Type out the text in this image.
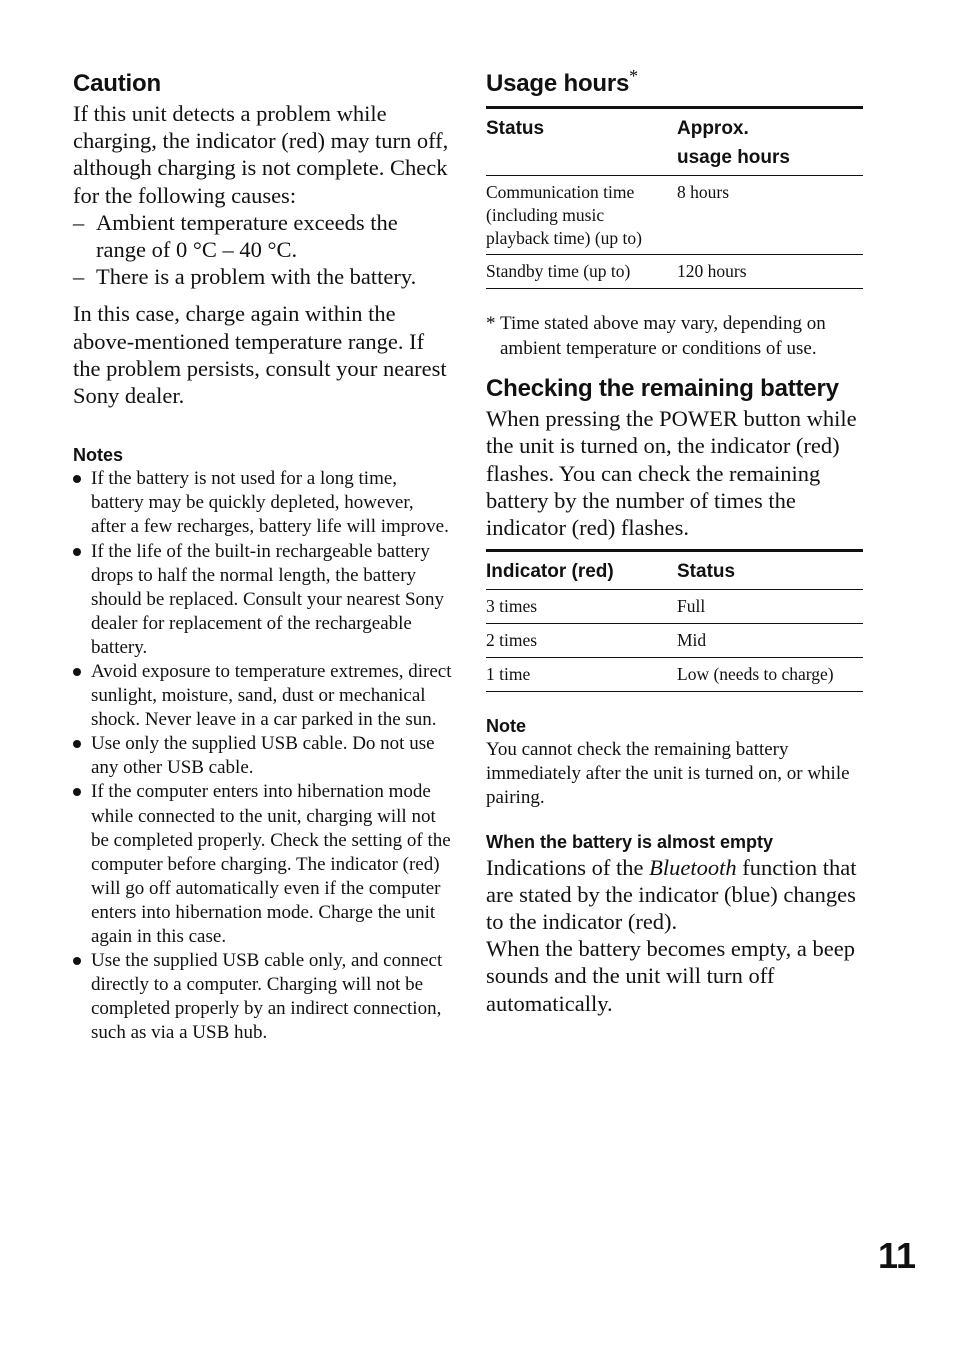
Caution

If this unit detects a problem while charging, the indicator (red) may turn off, although charging is not complete. Check for the following causes:

– Ambient temperature exceeds the range of 0 °C – 40 °C.
– There is a problem with the battery.

In this case, charge again within the above-mentioned temperature range. If the problem persists, consult your nearest Sony dealer.

Notes
If the battery is not used for a long time, battery may be quickly depleted, however, after a few recharges, battery life will improve.
If the life of the built-in rechargeable battery drops to half the normal length, the battery should be replaced. Consult your nearest Sony dealer for replacement of the rechargeable battery.
Avoid exposure to temperature extremes, direct sunlight, moisture, sand, dust or mechanical shock. Never leave in a car parked in the sun.
Use only the supplied USB cable. Do not use any other USB cable.
If the computer enters into hibernation mode while connected to the unit, charging will not be completed properly. Check the setting of the computer before charging. The indicator (red) will go off automatically even if the computer enters into hibernation mode. Charge the unit again in this case.
Use the supplied USB cable only, and connect directly to a computer. Charging will not be completed properly by an indirect connection, such as via a USB hub.
Usage hours*
Status	Approx.
usage hours
Communication time (including music playback time) (up to)	8 hours
Standby time (up to)	120 hours

* Time stated above may vary, depending on ambient temperature or conditions of use.

Checking the remaining battery

When pressing the POWER button while the unit is turned on, the indicator (red) flashes. You can check the remaining battery by the number of times the indicator (red) flashes.

Indicator (red)	Status
3 times	Full
2 times	Mid
1 time	Low (needs to charge)
Note

You cannot check the remaining battery immediately after the unit is turned on, or while pairing.

When the battery is almost empty

Indications of the Bluetooth function that are stated by the indicator (blue) changes to the indicator (red).

When the battery becomes empty, a beep sounds and the unit will turn off automatically.

11
